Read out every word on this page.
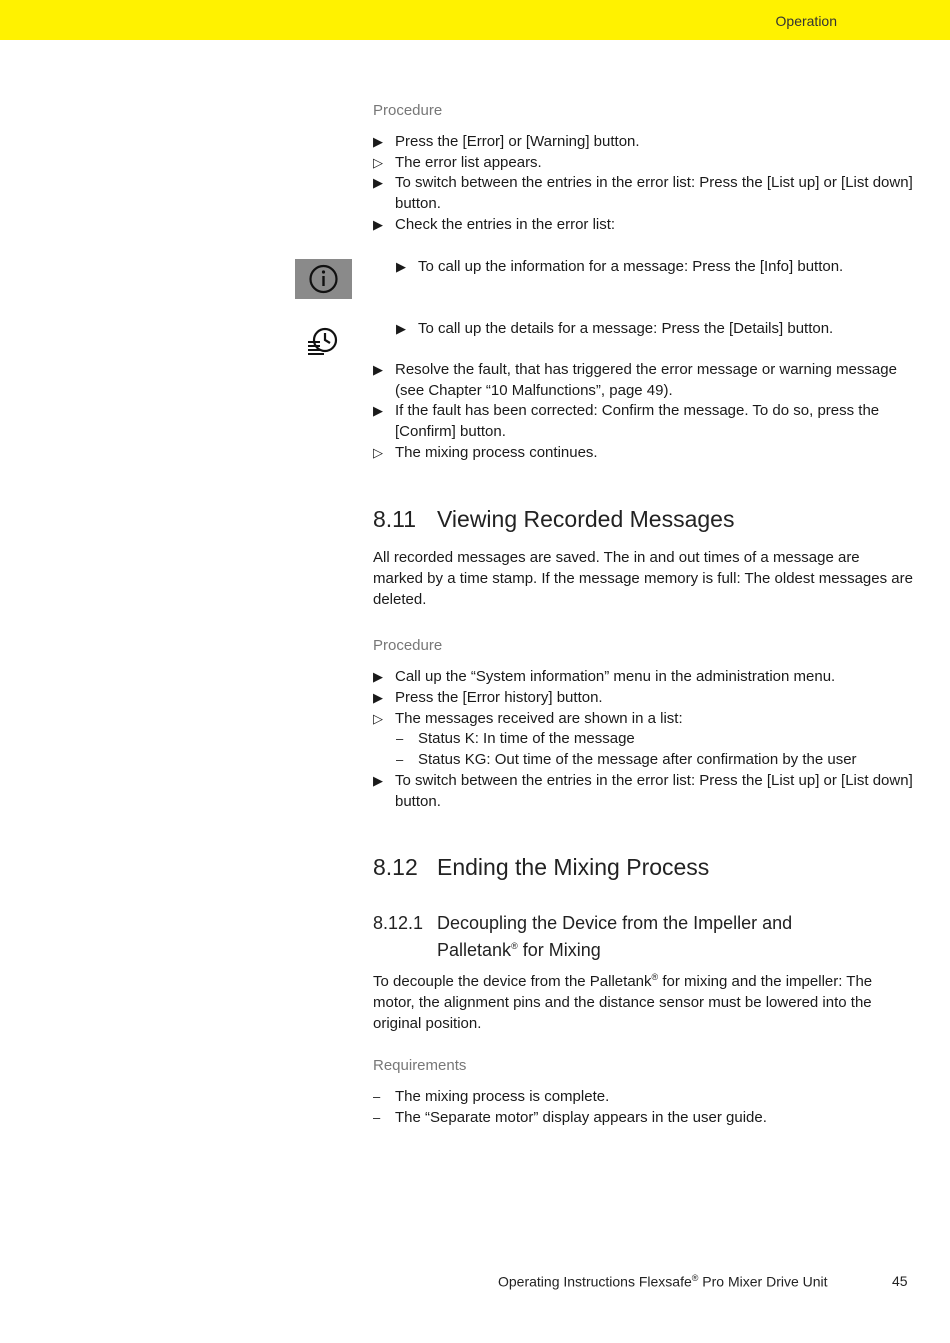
Operation
Procedure
▶ Press the [Error] or [Warning] button.
▷ The error list appears.
▶ To switch between the entries in the error list: Press the [List up] or [List down] button.
▶ Check the entries in the error list:
▶ To call up the information for a message: Press the [Info] button.
▶ To call up the details for a message: Press the [Details] button.
▶ Resolve the fault, that has triggered the error message or warning message (see Chapter “10 Malfunctions”, page 49).
▶ If the fault has been corrected: Confirm the message. To do so, press the [Confirm] button.
▷ The mixing process continues.
8.11 Viewing Recorded Messages
All recorded messages are saved. The in and out times of a message are marked by a time stamp. If the message memory is full: The oldest messages are deleted.
Procedure
▶ Call up the “System information” menu in the administration menu.
▶ Press the [Error history] button.
▷ The messages received are shown in a list:
– Status K: In time of the message
– Status KG: Out time of the message after confirmation by the user
▶ To switch between the entries in the error list: Press the [List up] or [List down] button.
8.12 Ending the Mixing Process
8.12.1 Decoupling the Device from the Impeller and Palletank® for Mixing
To decouple the device from the Palletank® for mixing and the impeller: The motor, the alignment pins and the distance sensor must be lowered into the original position.
Requirements
– The mixing process is complete.
– The “Separate motor” display appears in the user guide.
Operating Instructions Flexsafe® Pro Mixer Drive Unit	45
